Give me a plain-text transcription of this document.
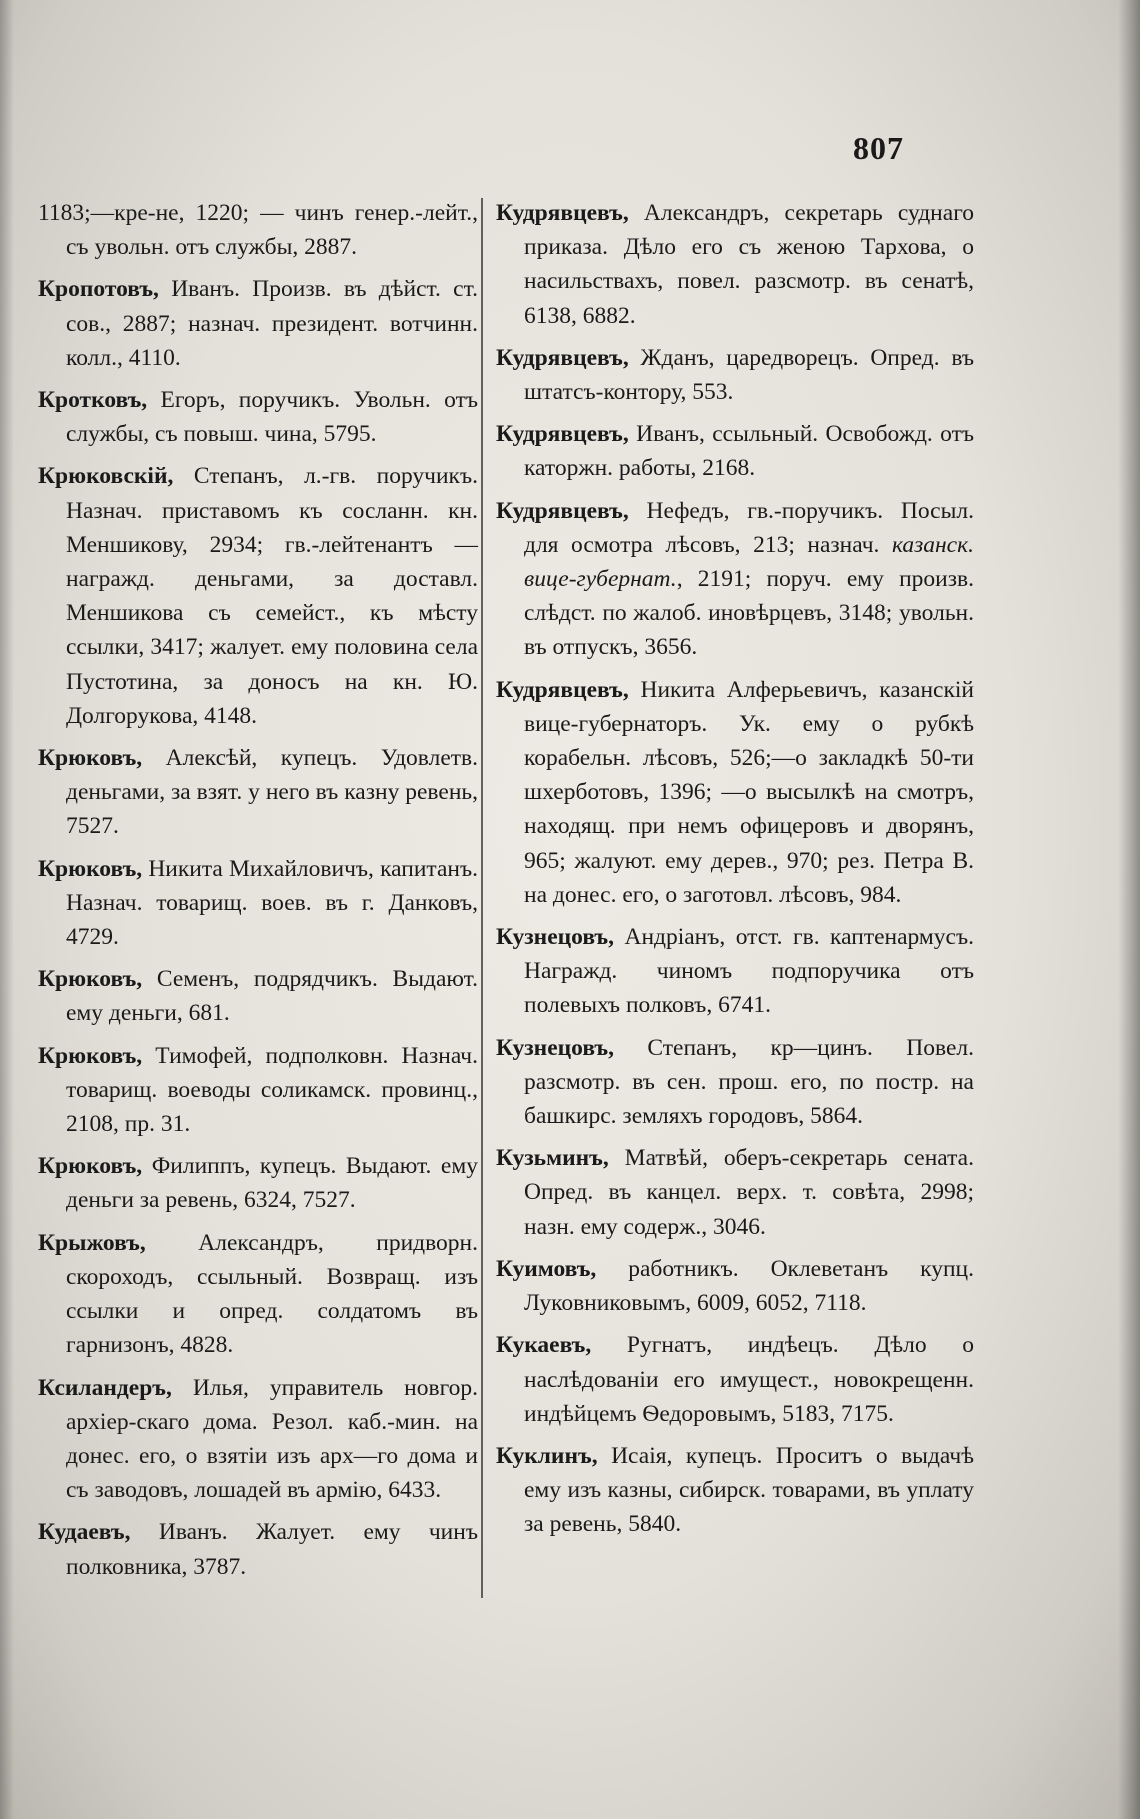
807

1183;—кре-не, 1220; — чинъ генер.-лейт., съ увольн. отъ службы, 2887.

Кропотовъ, Иванъ. Произв. въ дѣйст. ст. сов., 2887; назнач. президент. вотчинн. колл., 4110.

Кротковъ, Егоръ, поручикъ. Увольн. отъ службы, съ повыш. чина, 5795.

Крюковскій, Степанъ, л.-гв. поручикъ. Назнач. приставомъ къ сосланн. кн. Меншикову, 2934; гв.-лейтенантъ — награжд. деньгами, за доставл. Меншикова съ семейст., къ мѣсту ссылки, 3417; жалует. ему половина села Пустотина, за доносъ на кн. Ю. Долгорукова, 4148.

Крюковъ, Алексѣй, купецъ. Удовлетв. деньгами, за взят. у него въ казну ревень, 7527.

Крюковъ, Никита Михайловичъ, капитанъ. Назнач. товарищ. воев. въ г. Данковъ, 4729.

Крюковъ, Семенъ, подрядчикъ. Выдают. ему деньги, 681.

Крюковъ, Тимофей, подполковн. Назнач. товарищ. воеводы соликамск. провинц., 2108, пр. 31.

Крюковъ, Филиппъ, купецъ. Выдают. ему деньги за ревень, 6324, 7527.

Крыжовъ, Александръ, придворн. скороходъ, ссыльный. Возвращ. изъ ссылки и опред. солдатомъ въ гарнизонъ, 4828.

Ксиландеръ, Илья, управитель новгор. архіер-скаго дома. Резол. каб.-мин. на донес. его, о взятіи изъ арх—го дома и съ заводовъ, лошадей въ армію, 6433.

Кудаевъ, Иванъ. Жалует. ему чинъ полковника, 3787.

Кудрявцевъ, Александръ, секретарь суднаго приказа. Дѣло его съ женою Тархова, о насильствахъ, повел. разсмотр. въ сенатѣ, 6138, 6882.

Кудрявцевъ, Жданъ, царедворецъ. Опред. въ штатсъ-контору, 553.

Кудрявцевъ, Иванъ, ссыльный. Освобожд. отъ каторжн. работы, 2168.

Кудрявцевъ, Нефедъ, гв.-поручикъ. Посыл. для осмотра лѣсовъ, 213; назнач. казанск. вице-губернат., 2191; поруч. ему произв. слѣдст. по жалоб. иновѣрцевъ, 3148; увольн. въ отпускъ, 3656.

Кудрявцевъ, Никита Алферьевичъ, казанскій вице-губернаторъ. Ук. ему о рубкѣ корабельн. лѣсовъ, 526;—о закладкѣ 50-ти шхерботовъ, 1396; —о высылкѣ на смотръ, находящ. при немъ офицеровъ и дворянъ, 965; жалуют. ему дерев., 970; рез. Петра В. на донес. его, о заготовл. лѣсовъ, 984.

Кузнецовъ, Андріанъ, отст. гв. каптенармусъ. Награжд. чиномъ подпоручика отъ полевыхъ полковъ, 6741.

Кузнецовъ, Степанъ, кр—цинъ. Повел. разсмотр. въ сен. прош. его, по постр. на башкирс. земляхъ городовъ, 5864.

Кузьминъ, Матвѣй, оберъ-секретарь сената. Опред. въ канцел. верх. т. совѣта, 2998; назн. ему содерж., 3046.

Куимовъ, работникъ. Оклеветанъ купц. Луковниковымъ, 6009, 6052, 7118.

Кукаевъ, Ругнатъ, индѣецъ. Дѣло о наслѣдованіи его имущест., новокрещенн. индѣйцемъ Ѳедоровымъ, 5183, 7175.

Куклинъ, Исаія, купецъ. Проситъ о выдачѣ ему изъ казны, сибирск. товарами, въ уплату за ревень, 5840.
